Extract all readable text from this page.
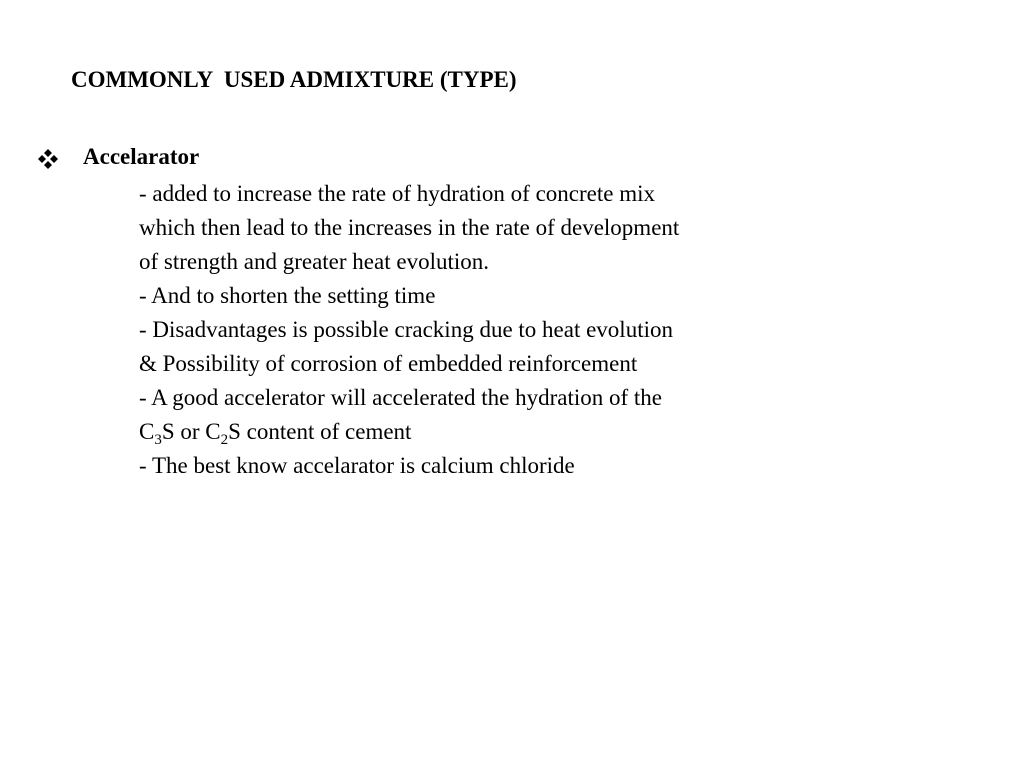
COMMONLY  USED ADMIXTURE (TYPE)
Accelarator
- added to increase the rate of hydration of concrete mix
which then lead to the increases in the rate of development
of strength and greater heat evolution.
- And to shorten the setting time
- Disadvantages is possible cracking due to heat evolution
& Possibility of corrosion of embedded reinforcement
- A good accelerator will accelerated the hydration of the
$C_3S$ or $C_2S$ content of cement
- The best know accelarator is calcium chloride
